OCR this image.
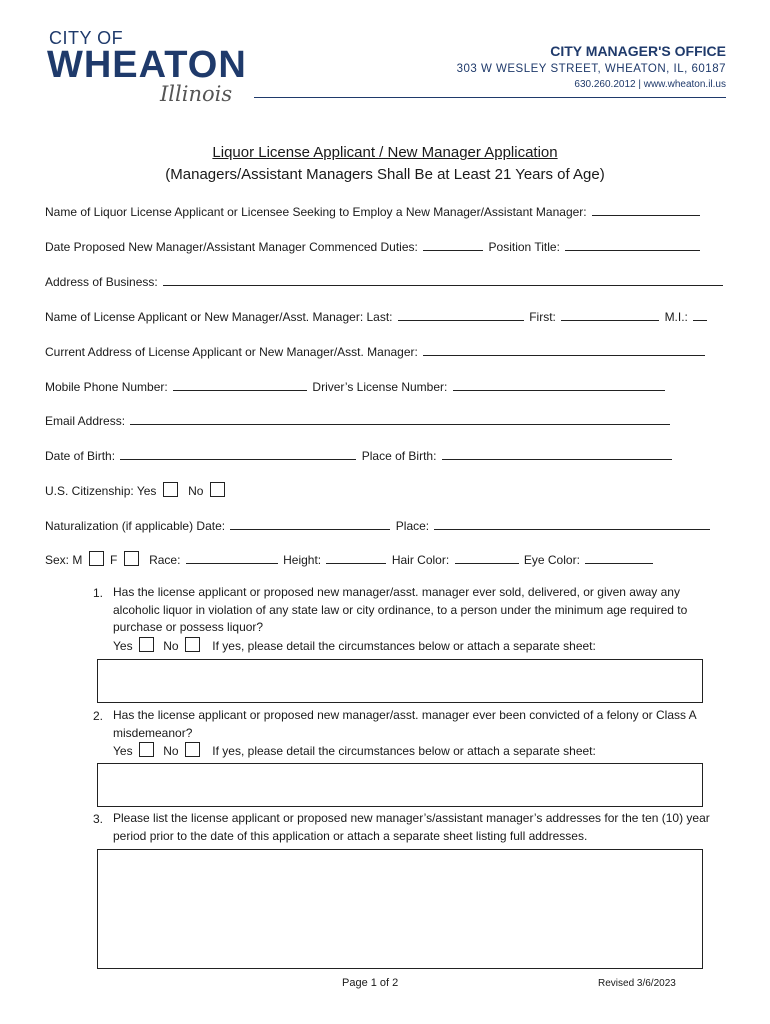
CITY OF
WHEATON
Illinois
CITY MANAGER'S OFFICE
303 W WESLEY STREET, WHEATON, IL, 60187
630.260.2012 | www.wheaton.il.us
Liquor License Applicant / New Manager Application
(Managers/Assistant Managers Shall Be at Least 21 Years of Age)
Name of Liquor License Applicant or Licensee Seeking to Employ a New Manager/Assistant Manager:
Date Proposed New Manager/Assistant Manager Commenced Duties:	Position Title:
Address of Business:
Name of License Applicant or New Manager/Asst. Manager: Last:	First:	M.I.:
Current Address of License Applicant or New Manager/Asst. Manager:
Mobile Phone Number:	Driver’s License Number:
Email Address:
Date of Birth:	Place of Birth:
U.S. Citizenship: Yes	No
Naturalization (if applicable) Date:	Place:
Sex: M F	Race:	Height:	Hair Color:	Eye Color:
1. Has the license applicant or proposed new manager/asst. manager ever sold, delivered, or given away any alcoholic liquor in violation of any state law or city ordinance, to a person under the minimum age required to purchase or possess liquor?
Yes	No	If yes, please detail the circumstances below or attach a separate sheet:
2. Has the license applicant or proposed new manager/asst. manager ever been convicted of a felony or Class A misdemeanor?
Yes	No	If yes, please detail the circumstances below or attach a separate sheet:
3. Please list the license applicant or proposed new manager’s/assistant manager’s addresses for the ten (10) year period prior to the date of this application or attach a separate sheet listing full addresses.
Page 1 of 2	Revised 3/6/2023
